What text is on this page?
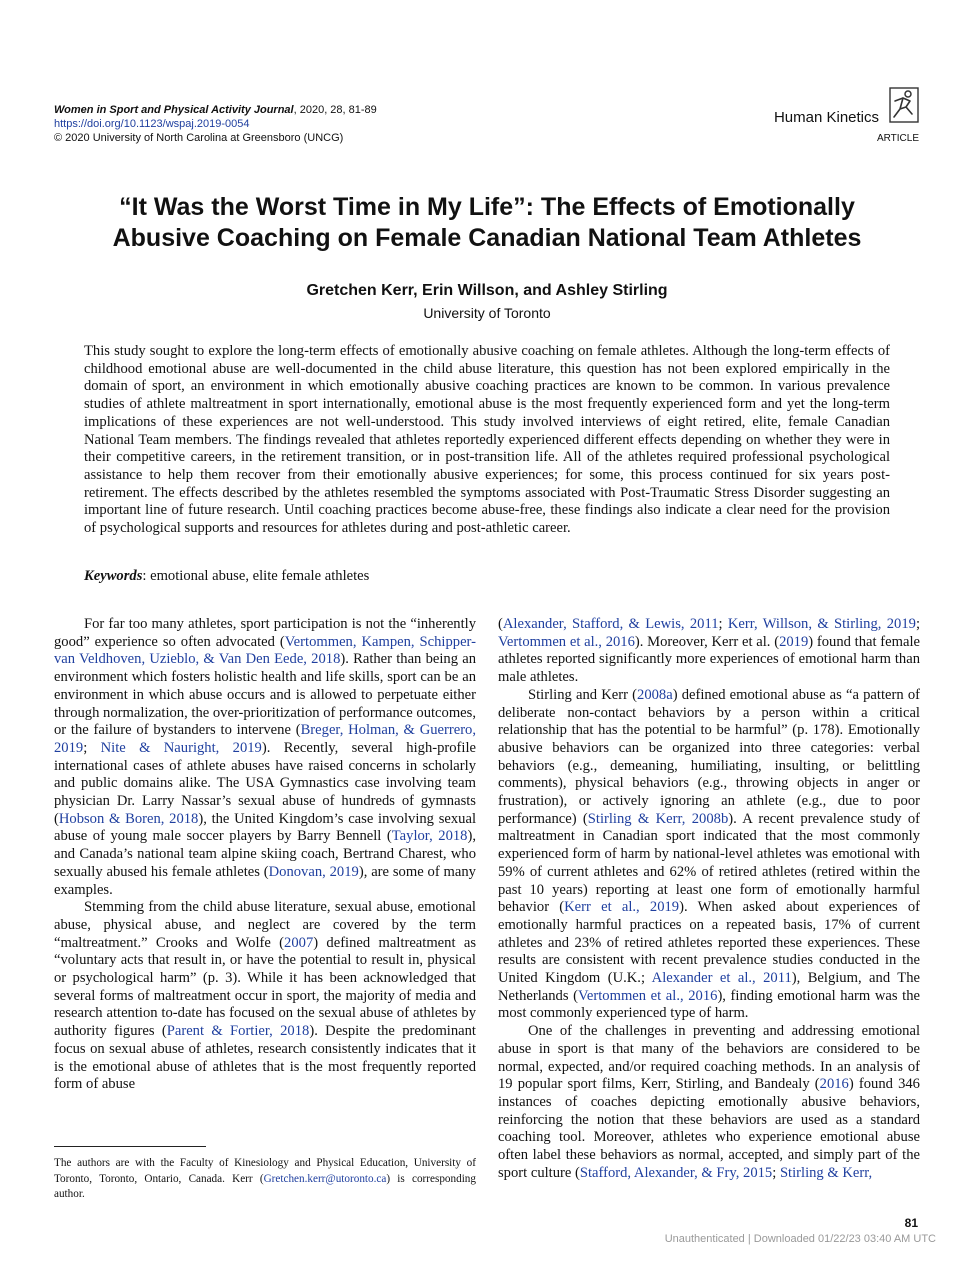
Women in Sport and Physical Activity Journal, 2020, 28, 81-89
https://doi.org/10.1123/wspaj.2019-0054
© 2020 University of North Carolina at Greensboro (UNCG)
Human Kinetics
ARTICLE
“It Was the Worst Time in My Life”: The Effects of Emotionally
Abusive Coaching on Female Canadian National Team Athletes
Gretchen Kerr, Erin Willson, and Ashley Stirling
University of Toronto
This study sought to explore the long-term effects of emotionally abusive coaching on female athletes. Although the long-term effects of childhood emotional abuse are well-documented in the child abuse literature, this question has not been explored empirically in the domain of sport, an environment in which emotionally abusive coaching practices are known to be common. In various prevalence studies of athlete maltreatment in sport internationally, emotional abuse is the most frequently experienced form and yet the long-term implications of these experiences are not well-understood. This study involved interviews of eight retired, elite, female Canadian National Team members. The findings revealed that athletes reportedly experienced different effects depending on whether they were in their competitive careers, in the retirement transition, or in post-transition life. All of the athletes required professional psychological assistance to help them recover from their emotionally abusive experiences; for some, this process continued for six years post-retirement. The effects described by the athletes resembled the symptoms associated with Post-Traumatic Stress Disorder suggesting an important line of future research. Until coaching practices become abuse-free, these findings also indicate a clear need for the provision of psychological supports and resources for athletes during and post-athletic career.
Keywords: emotional abuse, elite female athletes

For far too many athletes, sport participation is not the “inherently good” experience so often advocated (Vertommen, Kampen, Schipper-van Veldhoven, Uzieblo, & Van Den Eede, 2018). Rather than being an environment which fosters holistic health and life skills, sport can be an environment in which abuse occurs and is allowed to perpetuate either through normalization, the over-prioritization of performance outcomes, or the failure of bystanders to intervene (Breger, Holman, & Guerrero, 2019; Nite & Nauright, 2019). Recently, several high-profile international cases of athlete abuses have raised concerns in scholarly and public domains alike. The USA Gymnastics case involving team physician Dr. Larry Nassar’s sexual abuse of hundreds of gymnasts (Hobson & Boren, 2018), the United Kingdom’s case involving sexual abuse of young male soccer players by Barry Bennell (Taylor, 2018), and Canada’s national team alpine skiing coach, Bertrand Charest, who sexually abused his female athletes (Donovan, 2019), are some of many examples.

Stemming from the child abuse literature, sexual abuse, emotional abuse, physical abuse, and neglect are covered by the term “maltreatment.” Crooks and Wolfe (2007) defined maltreatment as “voluntary acts that result in, or have the potential to result in, physical or psychological harm” (p. 3). While it has been acknowledged that several forms of maltreatment occur in sport, the majority of media and research attention to-date has focused on the sexual abuse of athletes by authority figures (Parent & Fortier, 2018). Despite the predominant focus on sexual abuse of athletes, research consistently indicates that it is the emotional abuse of athletes that is the most frequently reported form of abuse

(Alexander, Stafford, & Lewis, 2011; Kerr, Willson, & Stirling, 2019; Vertommen et al., 2016). Moreover, Kerr et al. (2019) found that female athletes reported significantly more experiences of emotional harm than male athletes.

Stirling and Kerr (2008a) defined emotional abuse as “a pattern of deliberate non-contact behaviors by a person within a critical relationship that has the potential to be harmful” (p. 178). Emotionally abusive behaviors can be organized into three categories: verbal behaviors (e.g., demeaning, humiliating, insulting, or belittling comments), physical behaviors (e.g., throwing objects in anger or frustration), or actively ignoring an athlete (e.g., due to poor performance) (Stirling & Kerr, 2008b). A recent prevalence study of maltreatment in Canadian sport indicated that the most commonly experienced form of harm by national-level athletes was emotional with 59% of current athletes and 62% of retired athletes (retired within the past 10 years) reporting at least one form of emotionally harmful behavior (Kerr et al., 2019). When asked about experiences of emotionally harmful practices on a repeated basis, 17% of current athletes and 23% of retired athletes reported these experiences. These results are consistent with recent prevalence studies conducted in the United Kingdom (U.K.; Alexander et al., 2011), Belgium, and The Netherlands (Vertommen et al., 2016), finding emotional harm was the most commonly experienced type of harm.

One of the challenges in preventing and addressing emotional abuse in sport is that many of the behaviors are considered to be normal, expected, and/or required coaching methods. In an analysis of 19 popular sport films, Kerr, Stirling, and Bandealy (2016) found 346 instances of coaches depicting emotionally abusive behaviors, reinforcing the notion that these behaviors are used as a standard coaching tool. Moreover, athletes who experience emotional abuse often label these behaviors as normal, accepted, and simply part of the sport culture (Stafford, Alexander, & Fry, 2015; Stirling & Kerr,

The authors are with the Faculty of Kinesiology and Physical Education, University of Toronto, Toronto, Ontario, Canada. Kerr (Gretchen.kerr@utoronto.ca) is corresponding author.
81
Unauthenticated | Downloaded 01/22/23 03:40 AM UTC
